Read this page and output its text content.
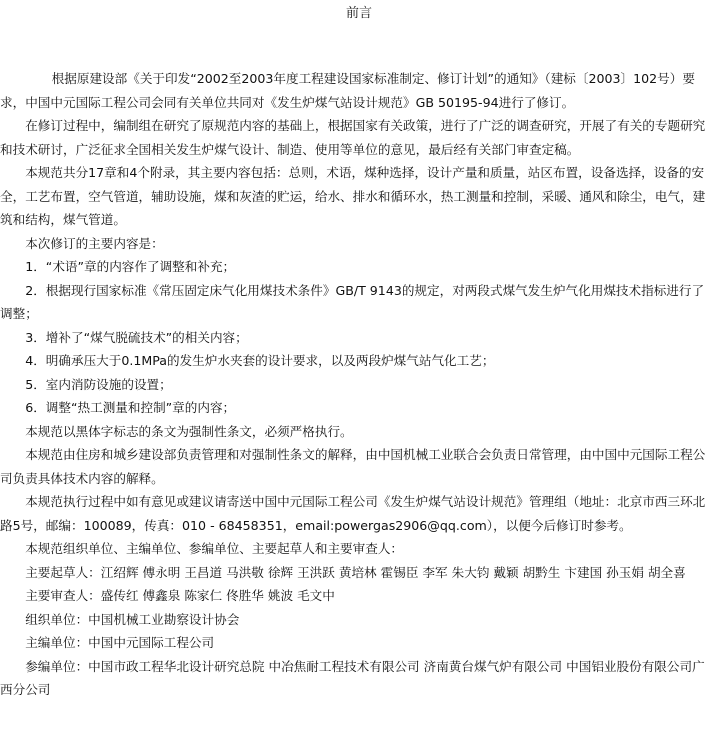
前言

根据原建设部《关于印发“2002至2003年度工程建设国家标准制定、修订计划”的通知》（建标〔2003〕102号）要求，中国中元国际工程公司会同有关单位共同对《发生炉煤气站设计规范》GB 50195-94进行了修订。

在修订过程中，编制组在研究了原规范内容的基础上，根据国家有关政策，进行了广泛的调查研究，开展了有关的专题研究和技术研讨，广泛征求全国相关发生炉煤气设计、制造、使用等单位的意见，最后经有关部门审查定稿。

本规范共分17章和4个附录，其主要内容包括：总则，术语，煤种选择，设计产量和质量，站区布置，设备选择，设备的安全，工艺布置，空气管道，辅助设施，煤和灰渣的贮运，给水、排水和循环水，热工测量和控制，采暖、通风和除尘，电气，建筑和结构，煤气管道。

本次修订的主要内容是：

1．“术语”章的内容作了调整和补充；

2．根据现行国家标准《常压固定床气化用煤技术条件》GB/T 9143的规定，对两段式煤气发生炉气化用煤技术指标进行了调整；

3．增补了“煤气脱硫技术”的相关内容；

4．明确承压大于0.1MPa的发生炉水夹套的设计要求，以及两段炉煤气站气化工艺；

5．室内消防设施的设置；

6．调整“热工测量和控制”章的内容；

本规范以黑体字标志的条文为强制性条文，必须严格执行。

本规范由住房和城乡建设部负责管理和对强制性条文的解释，由中国机械工业联合会负责日常管理，由中国中元国际工程公司负责具体技术内容的解释。

本规范执行过程中如有意见或建议请寄送中国中元国际工程公司《发生炉煤气站设计规范》管理组（地址：北京市西三环北路5号，邮编：100089，传真：010 - 68458351，email:powergas2906@qq.com），以便今后修订时参考。

本规范组织单位、主编单位、参编单位、主要起草人和主要审查人：

主要起草人：江绍辉 傅永明 王昌道 马洪敬 徐辉 王洪跃 黄培林 霍锡臣 李军 朱大钧 戴颖 胡黔生 卞建国 孙玉娟 胡全喜

主要审查人：盛传红 傅鑫泉 陈家仁 佟胜华 姚波 毛文中

组织单位：中国机械工业勘察设计协会

主编单位：中国中元国际工程公司

参编单位：中国市政工程华北设计研究总院 中冶焦耐工程技术有限公司 济南黄台煤气炉有限公司 中国铝业股份有限公司广西分公司
